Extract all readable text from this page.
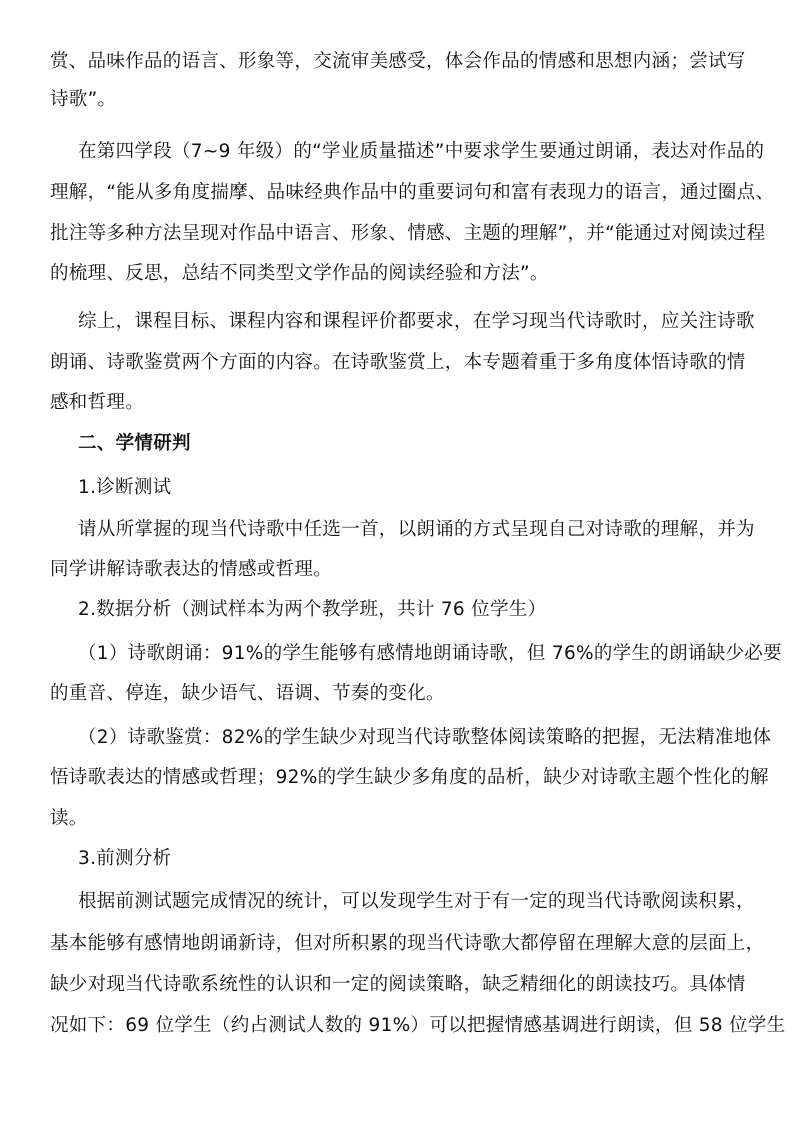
赏、品味作品的语言、形象等，交流审美感受，体会作品的情感和思想内涵；尝试写
诗歌”。
在第四学段（7~9 年级）的“学业质量描述”中要求学生要通过朗诵，表达对作品的
理解，“能从多角度揣摩、品味经典作品中的重要词句和富有表现力的语言，通过圈点、
批注等多种方法呈现对作品中语言、形象、情感、主题的理解”，并“能通过对阅读过程
的梳理、反思，总结不同类型文学作品的阅读经验和方法”。
综上，课程目标、课程内容和课程评价都要求，在学习现当代诗歌时，应关注诗歌
朗诵、诗歌鉴赏两个方面的内容。在诗歌鉴赏上，本专题着重于多角度体悟诗歌的情
感和哲理。
二、学情研判
1.诊断测试
请从所掌握的现当代诗歌中任选一首，以朗诵的方式呈现自己对诗歌的理解，并为
同学讲解诗歌表达的情感或哲理。
2.数据分析（测试样本为两个教学班，共计 76 位学生）
（1）诗歌朗诵：91%的学生能够有感情地朗诵诗歌，但 76%的学生的朗诵缺少必要
的重音、停连，缺少语气、语调、节奏的变化。
（2）诗歌鉴赏：82%的学生缺少对现当代诗歌整体阅读策略的把握，无法精准地体
悟诗歌表达的情感或哲理；92%的学生缺少多角度的品析，缺少对诗歌主题个性化的解
读。
3.前测分析
根据前测试题完成情况的统计，可以发现学生对于有一定的现当代诗歌阅读积累，
基本能够有感情地朗诵新诗，但对所积累的现当代诗歌大都停留在理解大意的层面上，
缺少对现当代诗歌系统性的认识和一定的阅读策略，缺乏精细化的朗读技巧。具体情
况如下：69 位学生（约占测试人数的 91%）可以把握情感基调进行朗读，但 58 位学生
